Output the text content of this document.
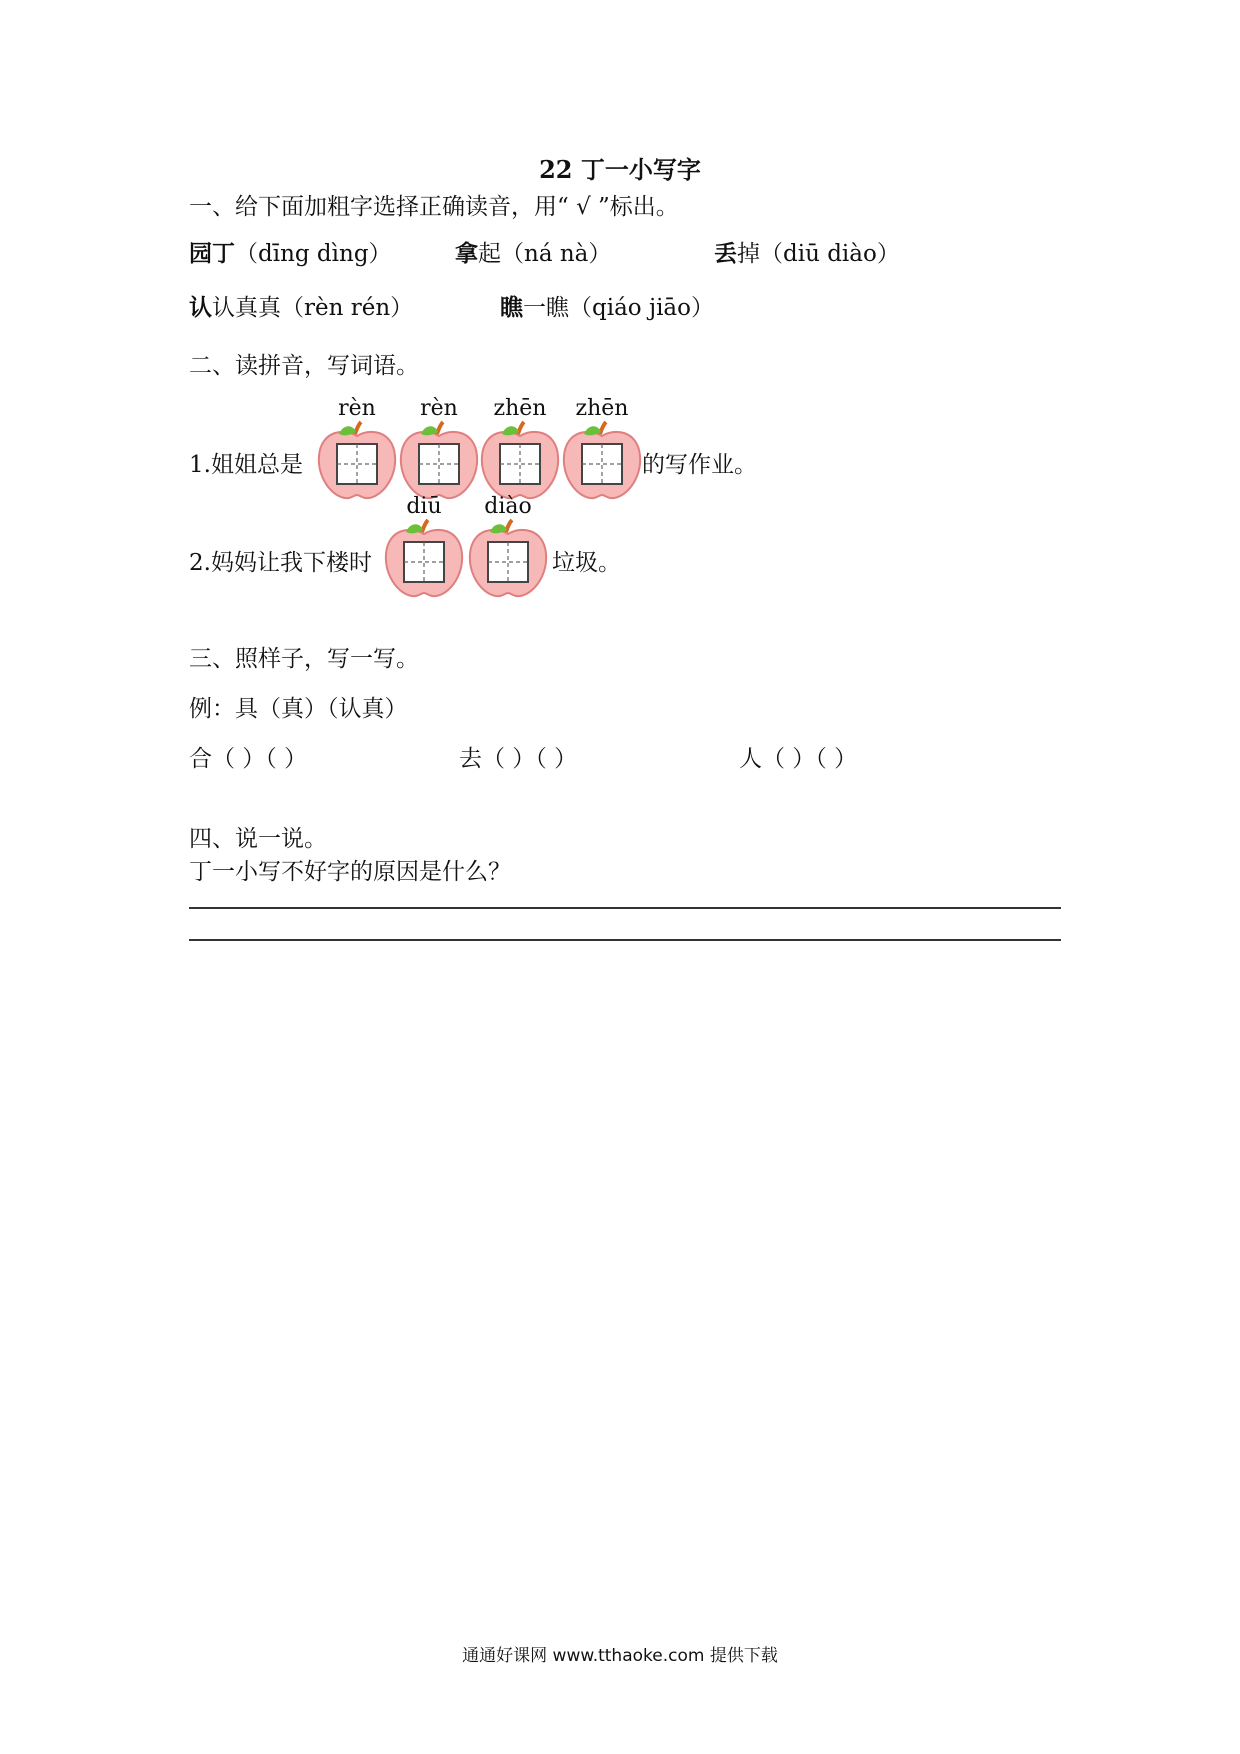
22 丁一小写字
一、给下面加粗字选择正确读音，用“ √ ”标出。
园丁（dīng dìng）	拿起（ná nà）	丢掉（diū diào）
认认真真（rèn rén）	瞧一瞧（qiáo jiāo）
二、读拼音，写词语。
1.姐姐总是	的写作业。
2.妈妈让我下楼时	垃圾。
rèn	rèn	zhēn	zhēn
diū	diào
三、照样子，写一写。
例：具（真）（认真）
合（ ）（ ）	去（ ）（ ）	人（ ）（ ）
四、说一说。
丁一小写不好字的原因是什么？
通通好课网 www.tthaoke.com 提供下载
